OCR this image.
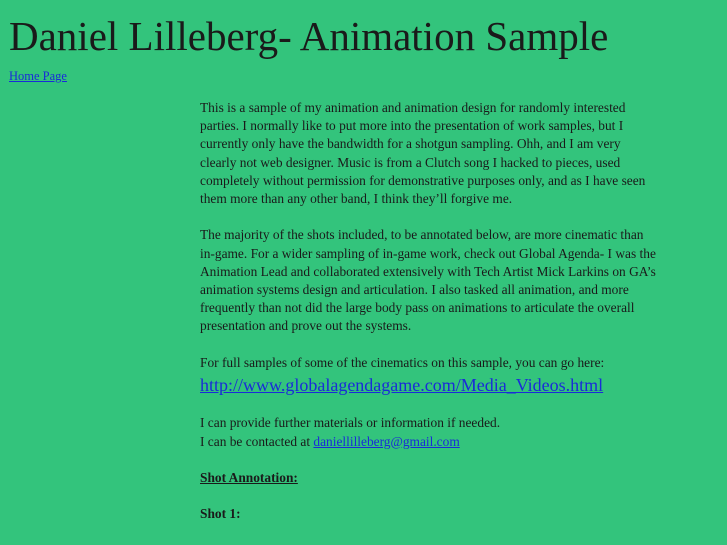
Daniel Lilleberg- Animation Sample
Home Page

This is a sample of my animation and animation design for randomly interested parties. I normally like to put more into the presentation of work samples, but I currently only have the bandwidth for a shotgun sampling. Ohh, and I am very clearly not web designer. Music is from a Clutch song I hacked to pieces, used completely without permission for demonstrative purposes only, and as I have seen them more than any other band, I think they’ll forgive me.

The majority of the shots included, to be annotated below, are more cinematic than in-game. For a wider sampling of in-game work, check out Global Agenda- I was the Animation Lead and collaborated extensively with Tech Artist Mick Larkins on GA’s animation systems design and articulation. I also tasked all animation, and more frequently than not did the large body pass on animations to articulate the overall presentation and prove out the systems.

For full samples of some of the cinematics on this sample, you can go here:
http://www.globalagendagame.com/Media_Videos.html

I can provide further materials or information if needed.
I can be contacted at daniellilleberg@gmail.com

Shot Annotation:

Shot 1:
